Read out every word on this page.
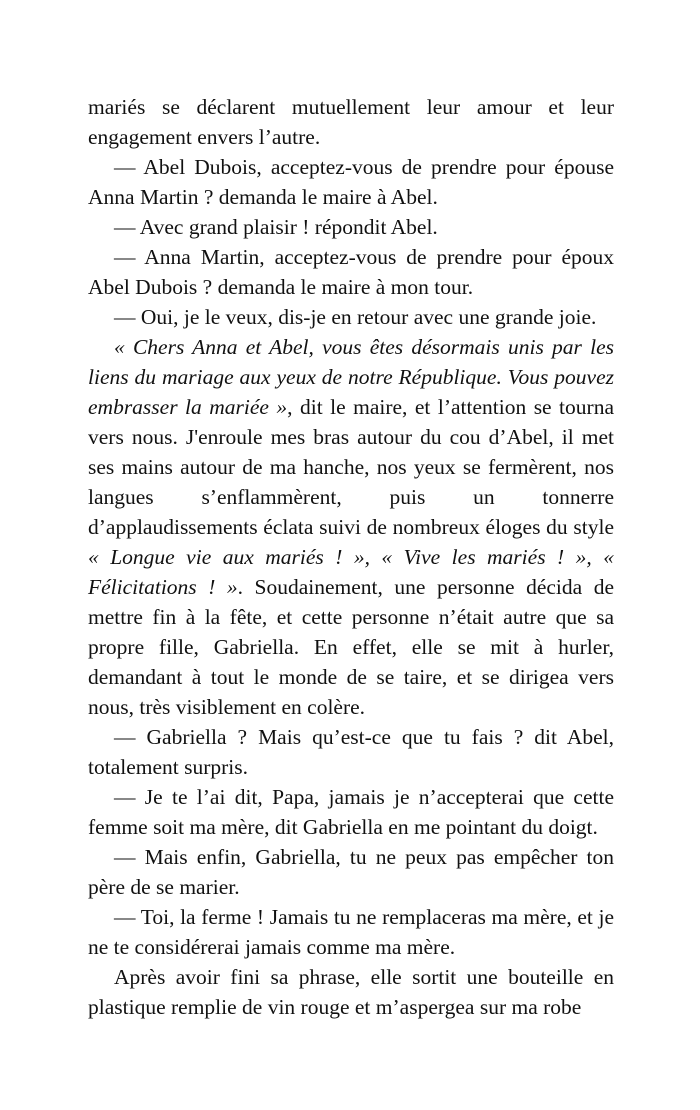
mariés se déclarent mutuellement leur amour et leur engagement envers l’autre.

— Abel Dubois, acceptez-vous de prendre pour épouse Anna Martin ? demanda le maire à Abel.

— Avec grand plaisir ! répondit Abel.

— Anna Martin, acceptez-vous de prendre pour époux Abel Dubois ? demanda le maire à mon tour.

— Oui, je le veux, dis-je en retour avec une grande joie.

« Chers Anna et Abel, vous êtes désormais unis par les liens du mariage aux yeux de notre République. Vous pouvez embrasser la mariée », dit le maire, et l’attention se tourna vers nous. J'enroule mes bras autour du cou d’Abel, il met ses mains autour de ma hanche, nos yeux se fermèrent, nos langues s’enflammèrent, puis un tonnerre d’applaudissements éclata suivi de nombreux éloges du style « Longue vie aux mariés ! », « Vive les mariés ! », « Félicitations ! ». Soudainement, une personne décida de mettre fin à la fête, et cette personne n’était autre que sa propre fille, Gabriella. En effet, elle se mit à hurler, demandant à tout le monde de se taire, et se dirigea vers nous, très visiblement en colère.

— Gabriella ? Mais qu’est-ce que tu fais ? dit Abel, totalement surpris.

— Je te l’ai dit, Papa, jamais je n’accepterai que cette femme soit ma mère, dit Gabriella en me pointant du doigt.

— Mais enfin, Gabriella, tu ne peux pas empêcher ton père de se marier.

— Toi, la ferme ! Jamais tu ne remplaceras ma mère, et je ne te considérerai jamais comme ma mère.

Après avoir fini sa phrase, elle sortit une bouteille en plastique remplie de vin rouge et m’aspergea sur ma robe
